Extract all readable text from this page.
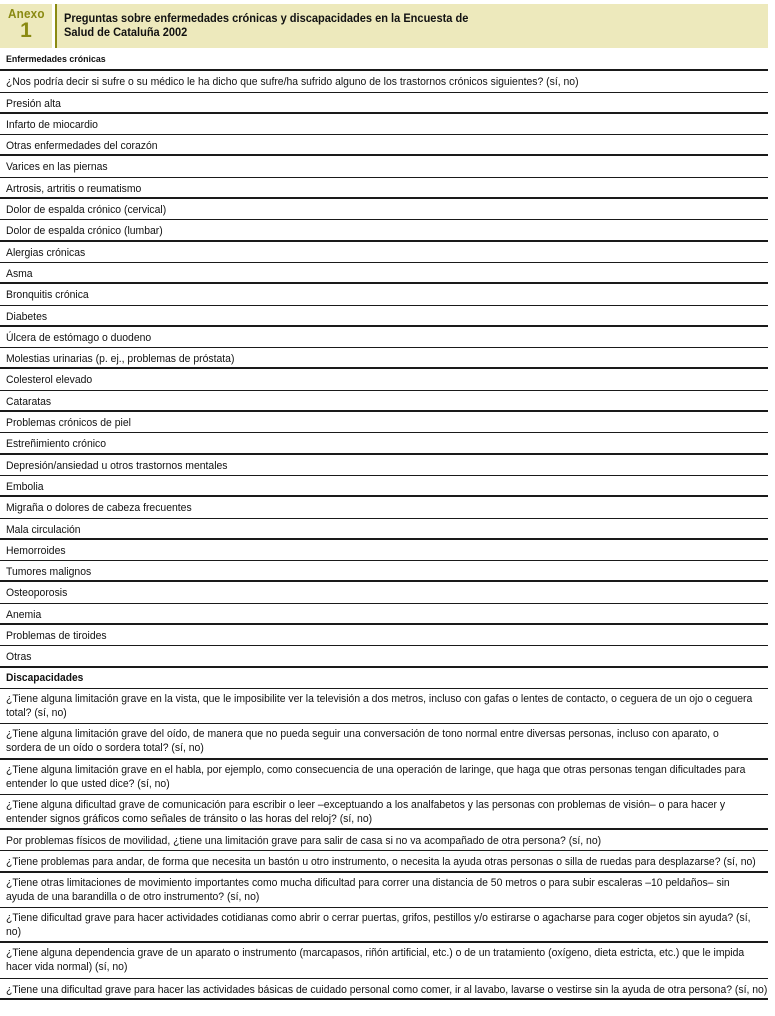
Anexo
1
Preguntas sobre enfermedades crónicas y discapacidades en la Encuesta de Salud de Cataluña 2002
Enfermedades crónicas
¿Nos podría decir si sufre o su médico le ha dicho que sufre/ha sufrido alguno de los trastornos crónicos siguientes? (sí, no)
Presión alta
Infarto de miocardio
Otras enfermedades del corazón
Varices en las piernas
Artrosis, artritis o reumatismo
Dolor de espalda crónico (cervical)
Dolor de espalda crónico (lumbar)
Alergias crónicas
Asma
Bronquitis crónica
Diabetes
Úlcera de estómago o duodeno
Molestias urinarias (p. ej., problemas de próstata)
Colesterol elevado
Cataratas
Problemas crónicos de piel
Estreñimiento crónico
Depresión/ansiedad u otros trastornos mentales
Embolia
Migraña o dolores de cabeza frecuentes
Mala circulación
Hemorroides
Tumores malignos
Osteoporosis
Anemia
Problemas de tiroides
Otras
Discapacidades
¿Tiene alguna limitación grave en la vista, que le imposibilite ver la televisión a dos metros, incluso con gafas o lentes de contacto, o ceguera de un ojo o ceguera total? (sí, no)
¿Tiene alguna limitación grave del oído, de manera que no pueda seguir una conversación de tono normal entre diversas personas, incluso con aparato, o sordera de un oído o sordera total? (sí, no)
¿Tiene alguna limitación grave en el habla, por ejemplo, como consecuencia de una operación de laringe, que haga que otras personas tengan dificultades para entender lo que usted dice? (sí, no)
¿Tiene alguna dificultad grave de comunicación para escribir o leer –exceptuando a los analfabetos y las personas con problemas de visión– o para hacer y entender signos gráficos como señales de tránsito o las horas del reloj? (sí, no)
Por problemas físicos de movilidad, ¿tiene una limitación grave para salir de casa si no va acompañado de otra persona? (sí, no)
¿Tiene problemas para andar, de forma que necesita un bastón u otro instrumento, o necesita la ayuda otras personas o silla de ruedas para desplazarse? (sí, no)
¿Tiene otras limitaciones de movimiento importantes como mucha dificultad para correr una distancia de 50 metros o para subir escaleras –10 peldaños– sin ayuda de una barandilla o de otro instrumento? (sí, no)
¿Tiene dificultad grave para hacer actividades cotidianas como abrir o cerrar puertas, grifos, pestillos y/o estirarse o agacharse para coger objetos sin ayuda? (sí, no)
¿Tiene alguna dependencia grave de un aparato o instrumento (marcapasos, riñón artificial, etc.) o de un tratamiento (oxígeno, dieta estricta, etc.) que le impida hacer vida normal) (sí, no)
¿Tiene una dificultad grave para hacer las actividades básicas de cuidado personal como comer, ir al lavabo, lavarse o vestirse sin la ayuda de otra persona? (sí, no)
